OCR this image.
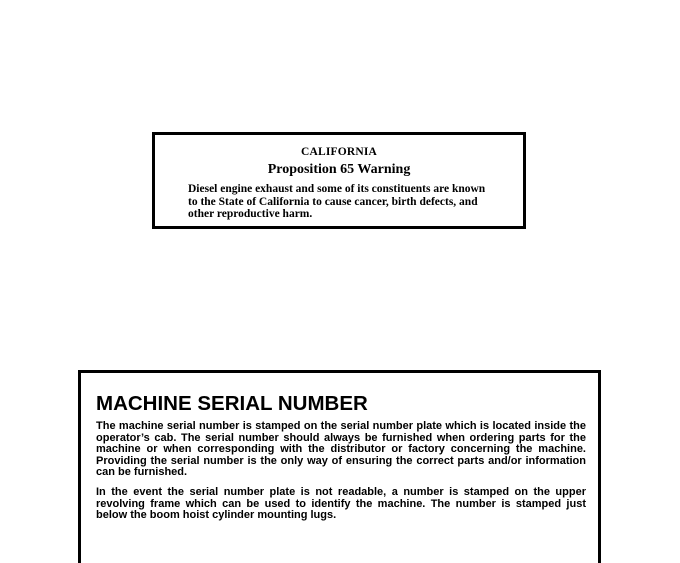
CALIFORNIA
Proposition 65 Warning
Diesel engine exhaust and some of its constituents are known
to the State of California to cause cancer, birth defects, and
other reproductive harm.
MACHINE SERIAL NUMBER
The machine serial number is stamped on the serial number plate which is located inside the operator’s cab. The serial number should always be furnished when ordering parts for the machine or when corresponding with the distributor or factory concerning the machine. Providing the serial number is the only way of ensuring the correct parts and/or information can be furnished.
In the event the serial number plate is not readable, a number is stamped on the upper revolving frame which can be used to identify the machine. The number is stamped just below the boom hoist cylinder mounting lugs.
